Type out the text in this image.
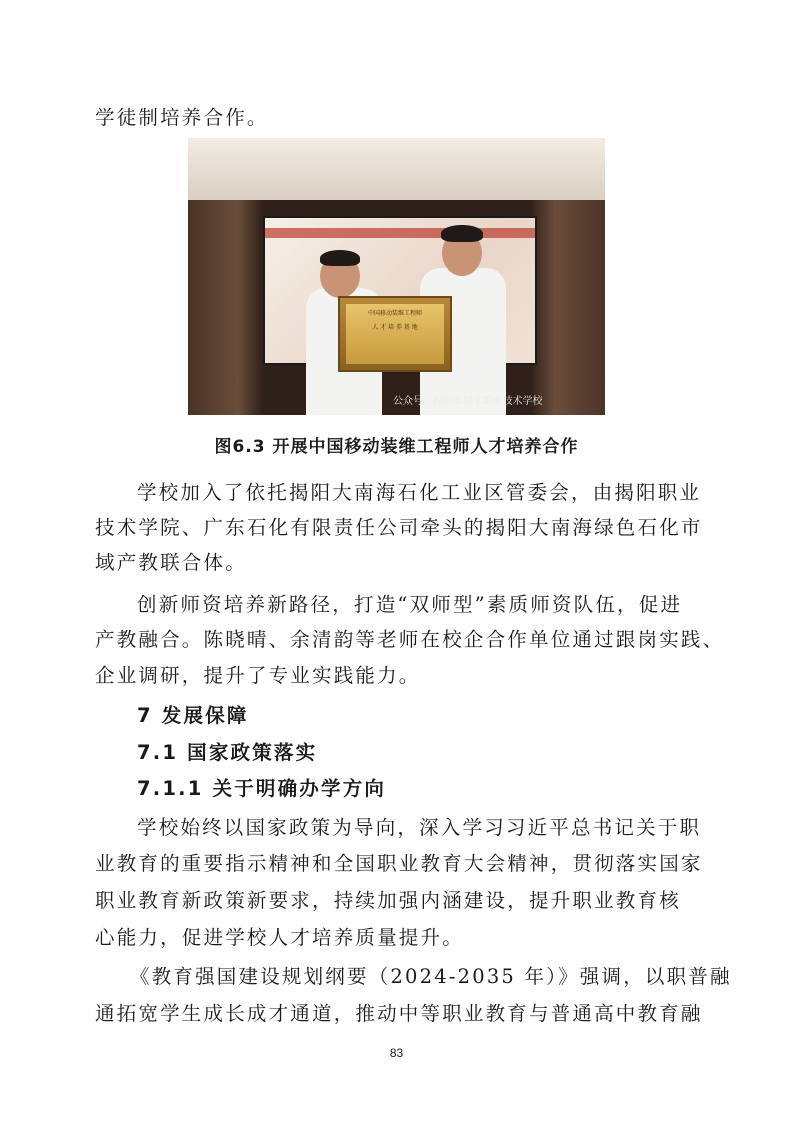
学徒制培养合作。
中国移动装维工程师
人 才 培 养 基 地
公众号 · 揭阳市理工职业技术学校
图6.3 开展中国移动装维工程师人才培养合作
学校加入了依托揭阳大南海石化工业区管委会，由揭阳职业
技术学院、广东石化有限责任公司牵头的揭阳大南海绿色石化市
域产教联合体。
创新师资培养新路径，打造“双师型”素质师资队伍，促进
产教融合。陈晓晴、余清韵等老师在校企合作单位通过跟岗实践、
企业调研，提升了专业实践能力。
7 发展保障
7.1 国家政策落实
7.1.1 关于明确办学方向
学校始终以国家政策为导向，深入学习习近平总书记关于职
业教育的重要指示精神和全国职业教育大会精神，贯彻落实国家
职业教育新政策新要求，持续加强内涵建设，提升职业教育核
心能力，促进学校人才培养质量提升。
《教育强国建设规划纲要（2024-2035 年）》强调，以职普融
通拓宽学生成长成才通道，推动中等职业教育与普通高中教育融
83
